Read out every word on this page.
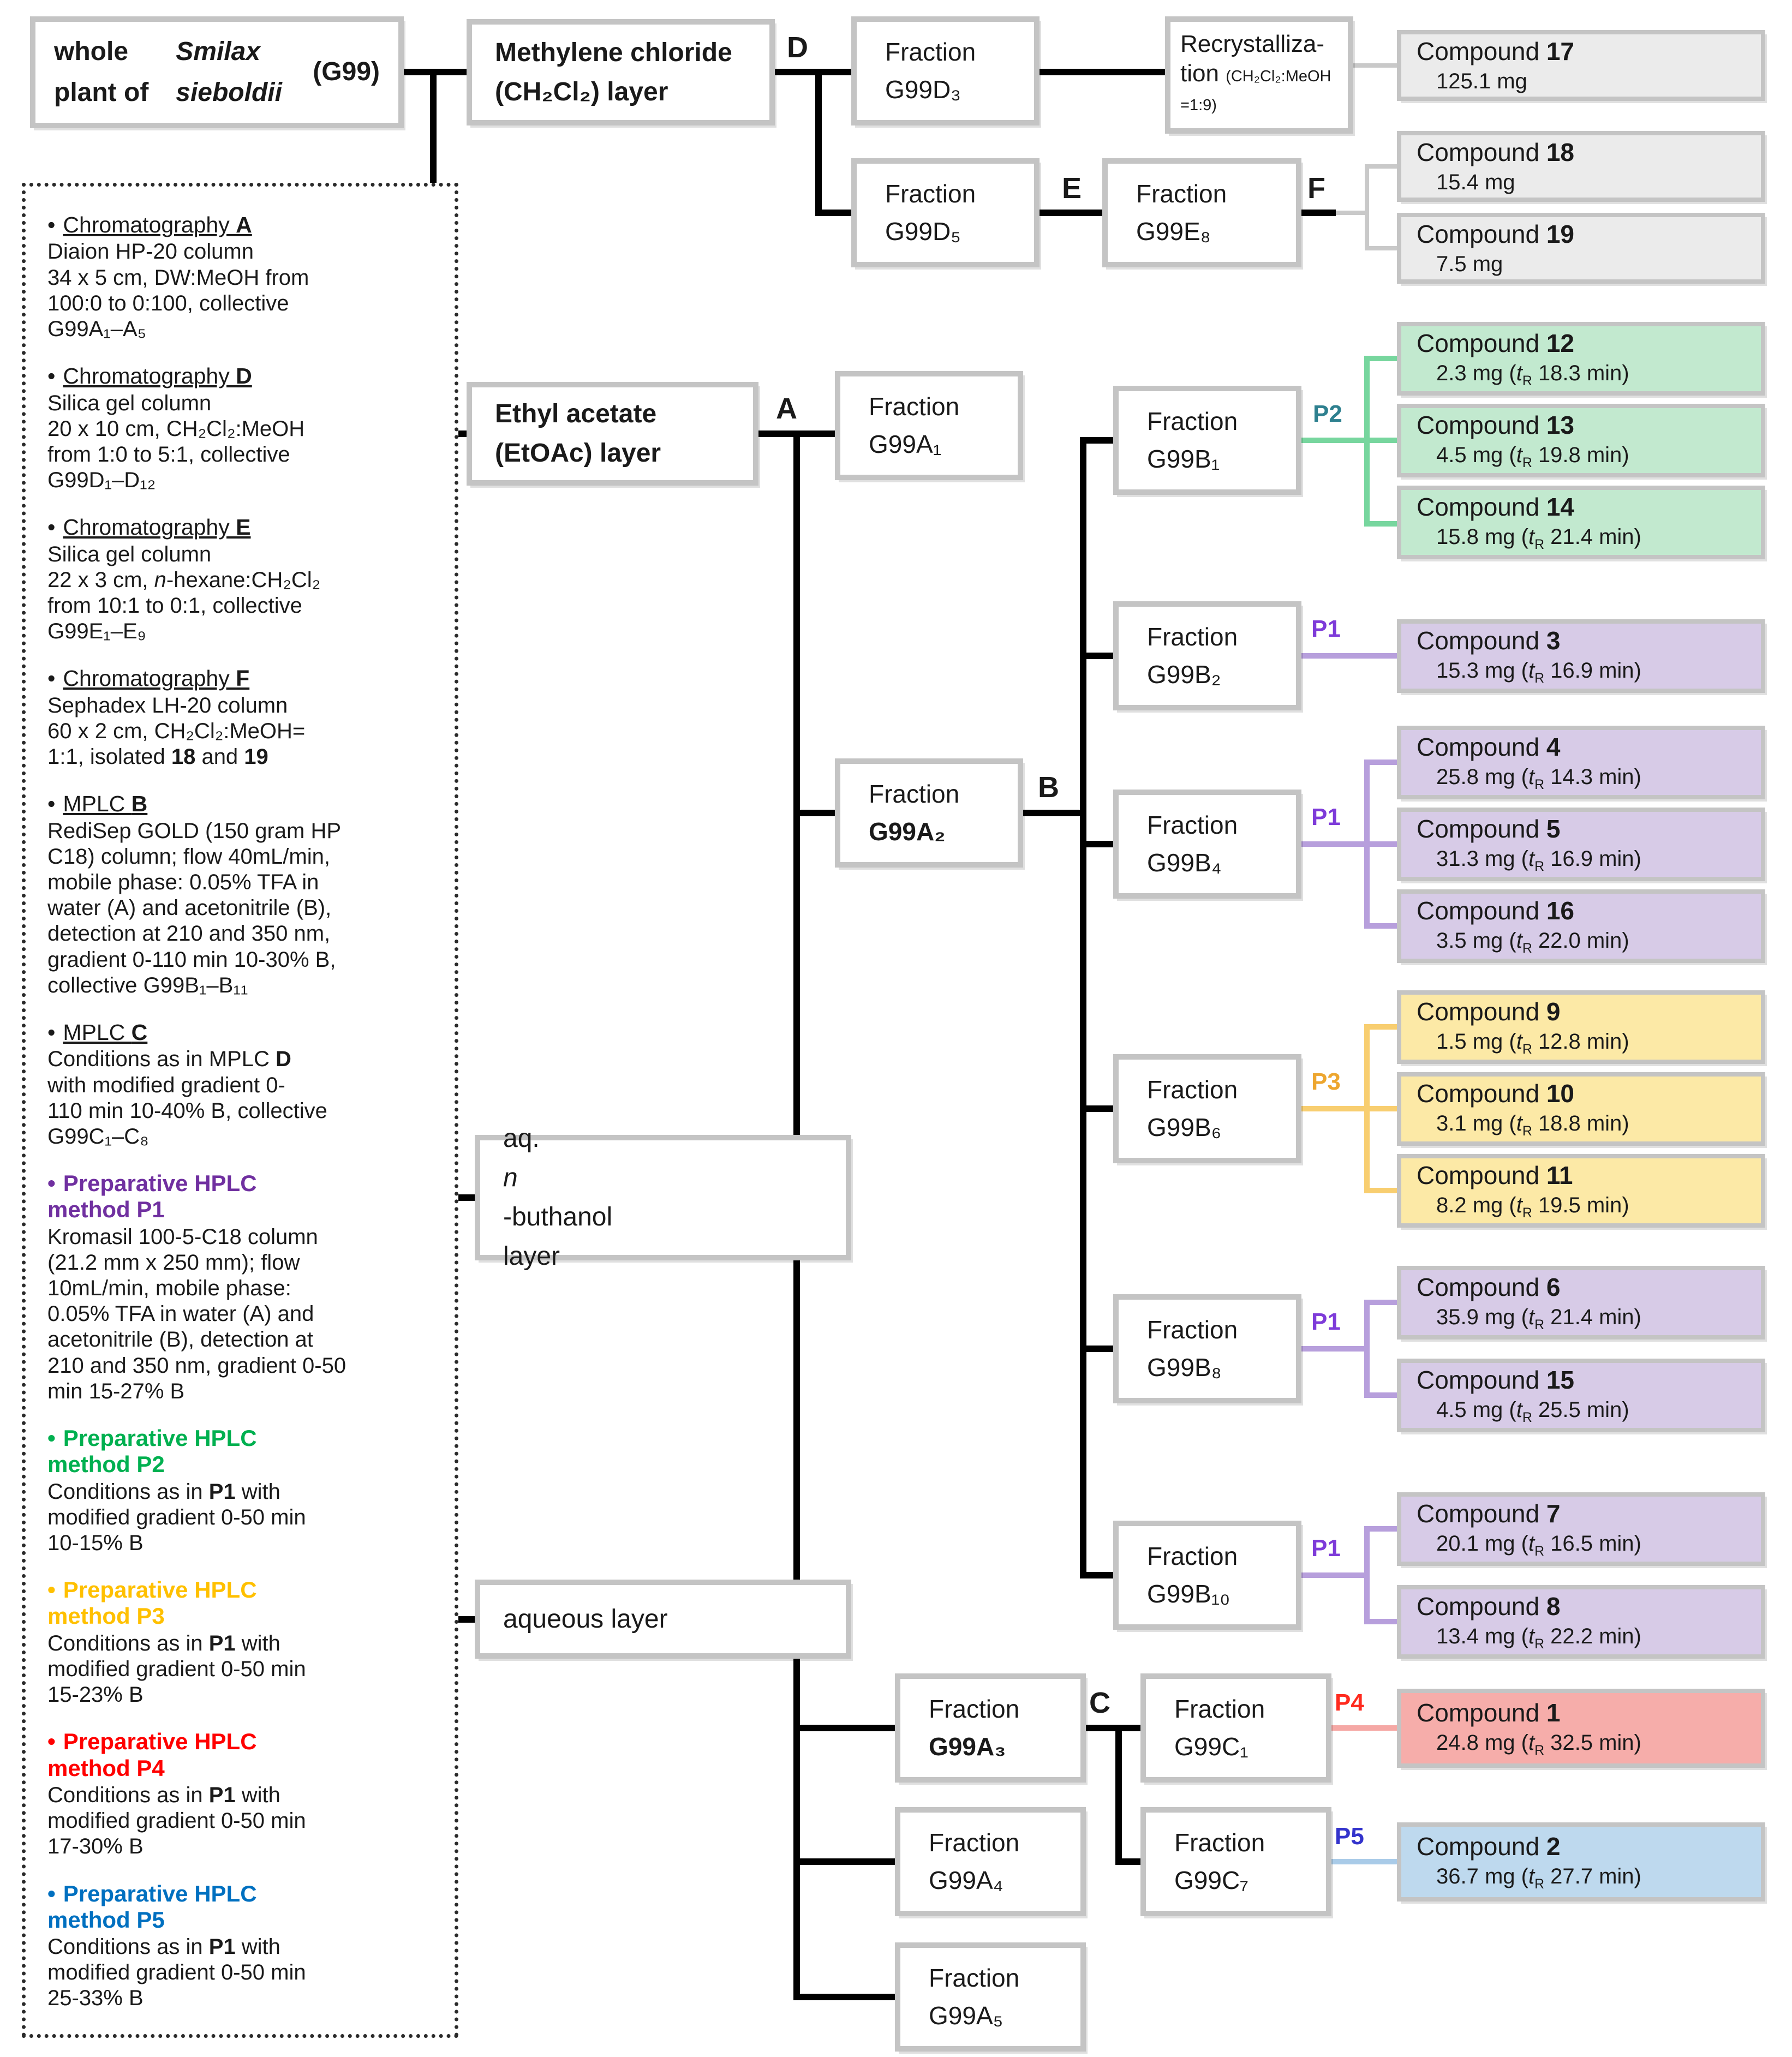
whole plant of
Smilax sieboldii
(G99)
Methylene chloride
(CH₂Cl₂) layer
Ethyl acetate
(EtOAc) layer
aq.
n
-buthanol
layer
aqueous layer
Recrystalliza-tion (CH₂Cl₂:MeOH =1:9)
• Chromatography A
Diaion HP-20 column
34 x 5 cm, DW:MeOH from
100:0 to 0:100, collective
G99A₁–A₅
• Chromatography D
Silica gel column
20 x 10 cm, CH₂Cl₂:MeOH
from 1:0 to 5:1, collective
G99D₁–D₁₂
• Chromatography E
Silica gel column
22 x 3 cm, n-hexane:CH₂Cl₂
from 10:1 to 0:1, collective
G99E₁–E₉
• Chromatography F
Sephadex LH-20 column
60 x 2 cm, CH₂Cl₂:MeOH=
1:1, isolated 18 and 19
• MPLC B
RediSep GOLD (150 gram HP
C18) column; flow 40mL/min,
mobile phase: 0.05% TFA in
water (A) and acetonitrile (B),
detection at 210 and 350 nm,
gradient 0-110 min 10-30% B,
collective G99B₁–B₁₁
• MPLC C
Conditions as in MPLC D
with modified gradient 0-
110 min 10-40% B, collective
G99C₁–C₈
• Preparative HPLC
method P1
Kromasil 100-5-C18 column
(21.2 mm x 250 mm); flow
10mL/min, mobile phase:
0.05% TFA in water (A) and
acetonitrile (B), detection at
210 and 350 nm, gradient 0-50
min 15-27% B
• Preparative HPLC
method P2
Conditions as in P1 with
modified gradient 0-50 min
10-15% B
• Preparative HPLC
method P3
Conditions as in P1 with
modified gradient 0-50 min
15-23% B
• Preparative HPLC
method P4
Conditions as in P1 with
modified gradient 0-50 min
17-30% B
• Preparative HPLC
method P5
Conditions as in P1 with
modified gradient 0-50 min
25-33% B
Fraction
G99D₃
Fraction
G99D₅
Fraction
G99E₈
Fraction
G99A₁
Fraction
G99A₂
Fraction
G99B₁
Fraction
G99B₂
Fraction
G99B₄
Fraction
G99B₆
Fraction
G99B₈
Fraction
G99B₁₀
Fraction
G99A₃
Fraction
G99A₄
Fraction
G99A₅
Fraction
G99C₁
Fraction
G99C₇
Compound 17
125.1 mg
Compound 18
15.4 mg
Compound 19
7.5 mg
Compound 12
2.3 mg ($t_R$ 18.3 min)
Compound 13
4.5 mg ($t_R$ 19.8 min)
Compound 14
15.8 mg ($t_R$ 21.4 min)
Compound 3
15.3 mg ($t_R$ 16.9 min)
Compound 4
25.8 mg ($t_R$ 14.3 min)
Compound 5
31.3 mg ($t_R$ 16.9 min)
Compound 16
3.5 mg ($t_R$ 22.0 min)
Compound 9
1.5 mg ($t_R$ 12.8 min)
Compound 10
3.1 mg ($t_R$ 18.8 min)
Compound 11
8.2 mg ($t_R$ 19.5 min)
Compound 6
35.9 mg ($t_R$ 21.4 min)
Compound 15
4.5 mg ($t_R$ 25.5 min)
Compound 7
20.1 mg ($t_R$ 16.5 min)
Compound 8
13.4 mg ($t_R$ 22.2 min)
Compound 1
24.8 mg ($t_R$ 32.5 min)
Compound 2
36.7 mg ($t_R$ 27.7 min)
D
E	F
A
B
C
P2
P1
P1
P3
P1
P1
P4
P5
